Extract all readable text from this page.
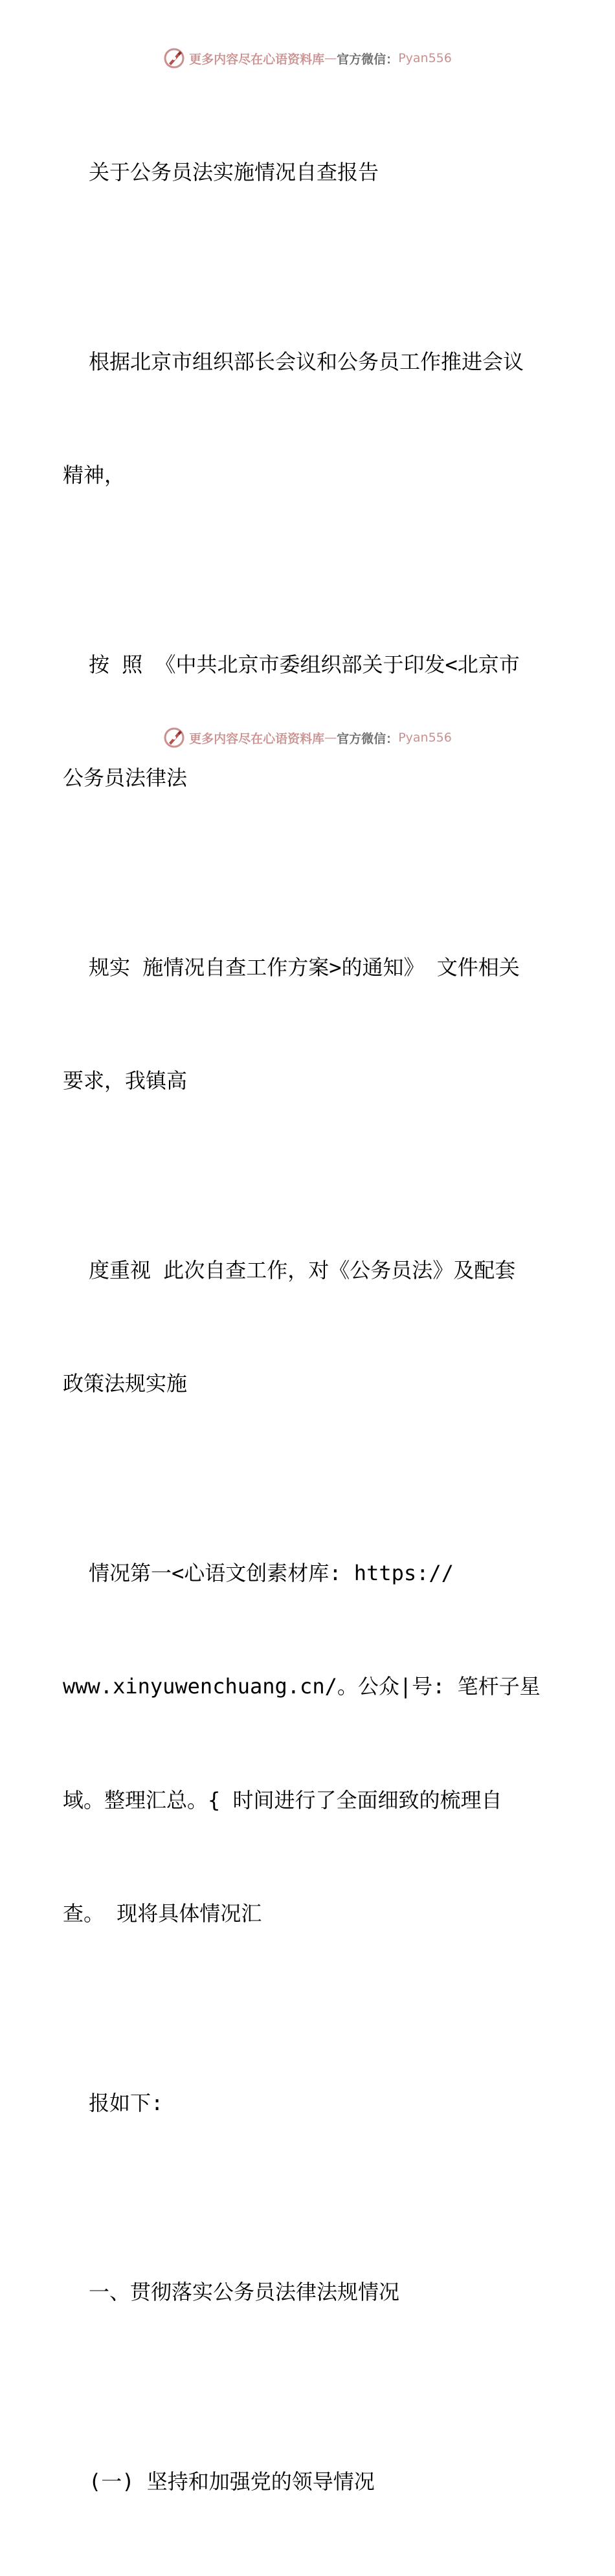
更多内容尽在心语资料库 — 官方微信： Pyan556

关于公务员法实施情况自查报告

根据北京市组织部长会议和公务员工作推进会议

精神，

按 照 《中共北京市委组织部关于印发<北京市

公务员法律法

规实 施情况自查工作方案>的通知》 文件相关

要求，我镇高

度重视 此次自查工作，对《公务员法》及配套

政策法规实施

情况第一<心语文创素材库: https://

www.xinyuwenchuang.cn/。公众|号: 笔杆子星

域。整理汇总。{ 时间进行了全面细致的梳理自

查。 现将具体情况汇

报如下:

一、贯彻落实公务员法律法规情况

(一) 坚持和加强党的领导情况

更多内容尽在心语资料库 — 官方微信： Pyan556
